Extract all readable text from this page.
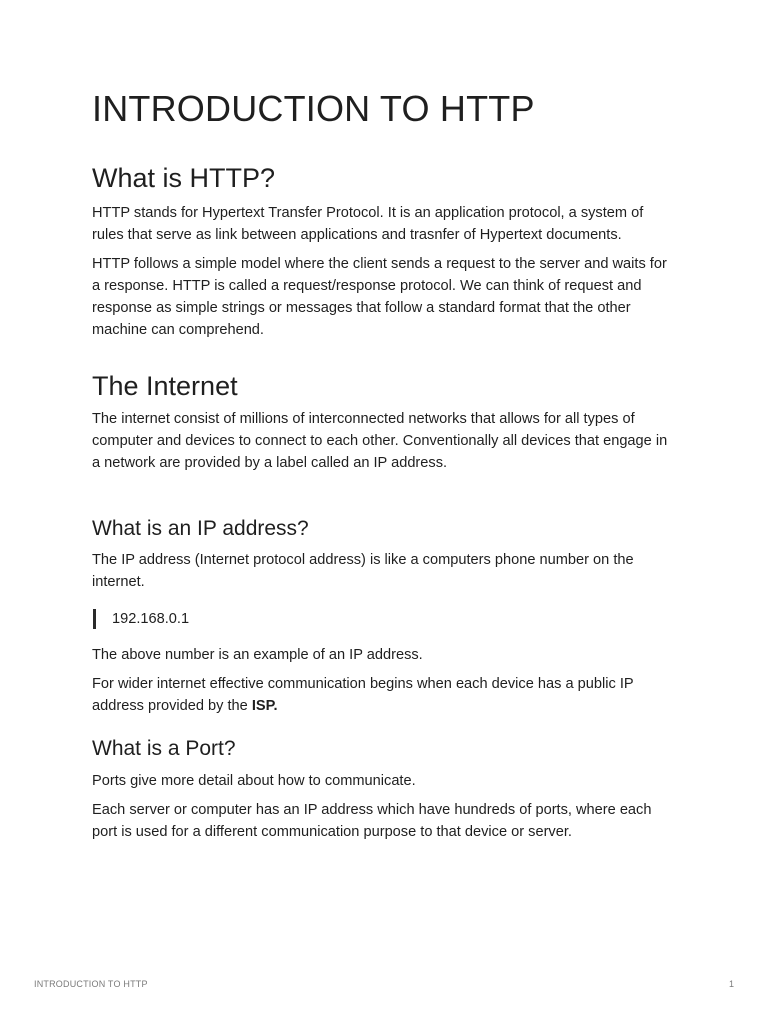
INTRODUCTION TO HTTP
What is HTTP?

HTTP stands for Hypertext Transfer Protocol. It is an application protocol, a system of rules that serve as link between applications and trasnfer of Hypertext documents.

HTTP follows a simple model where the client sends a request to the server and waits for a response. HTTP is called a request/response protocol. We can think of request and response as simple strings or messages that follow a standard format that the other machine can comprehend.

The Internet

The internet consist of millions of interconnected networks that allows for all types of computer and devices to connect to each other. Conventionally all devices that engage in a network are provided by a label called an IP address.

What is an IP address?

The IP address (Internet protocol address) is like a computers phone number on the internet.

192.168.0.1

The above number is an example of an IP address.

For wider internet effective communication begins when each device has a public IP address provided by the ISP.

What is a Port?

Ports give more detail about how to communicate.

Each server or computer has an IP address which have hundreds of ports, where each port is used for a different communication purpose to that device or server.

INTRODUCTION TO HTTP	1
